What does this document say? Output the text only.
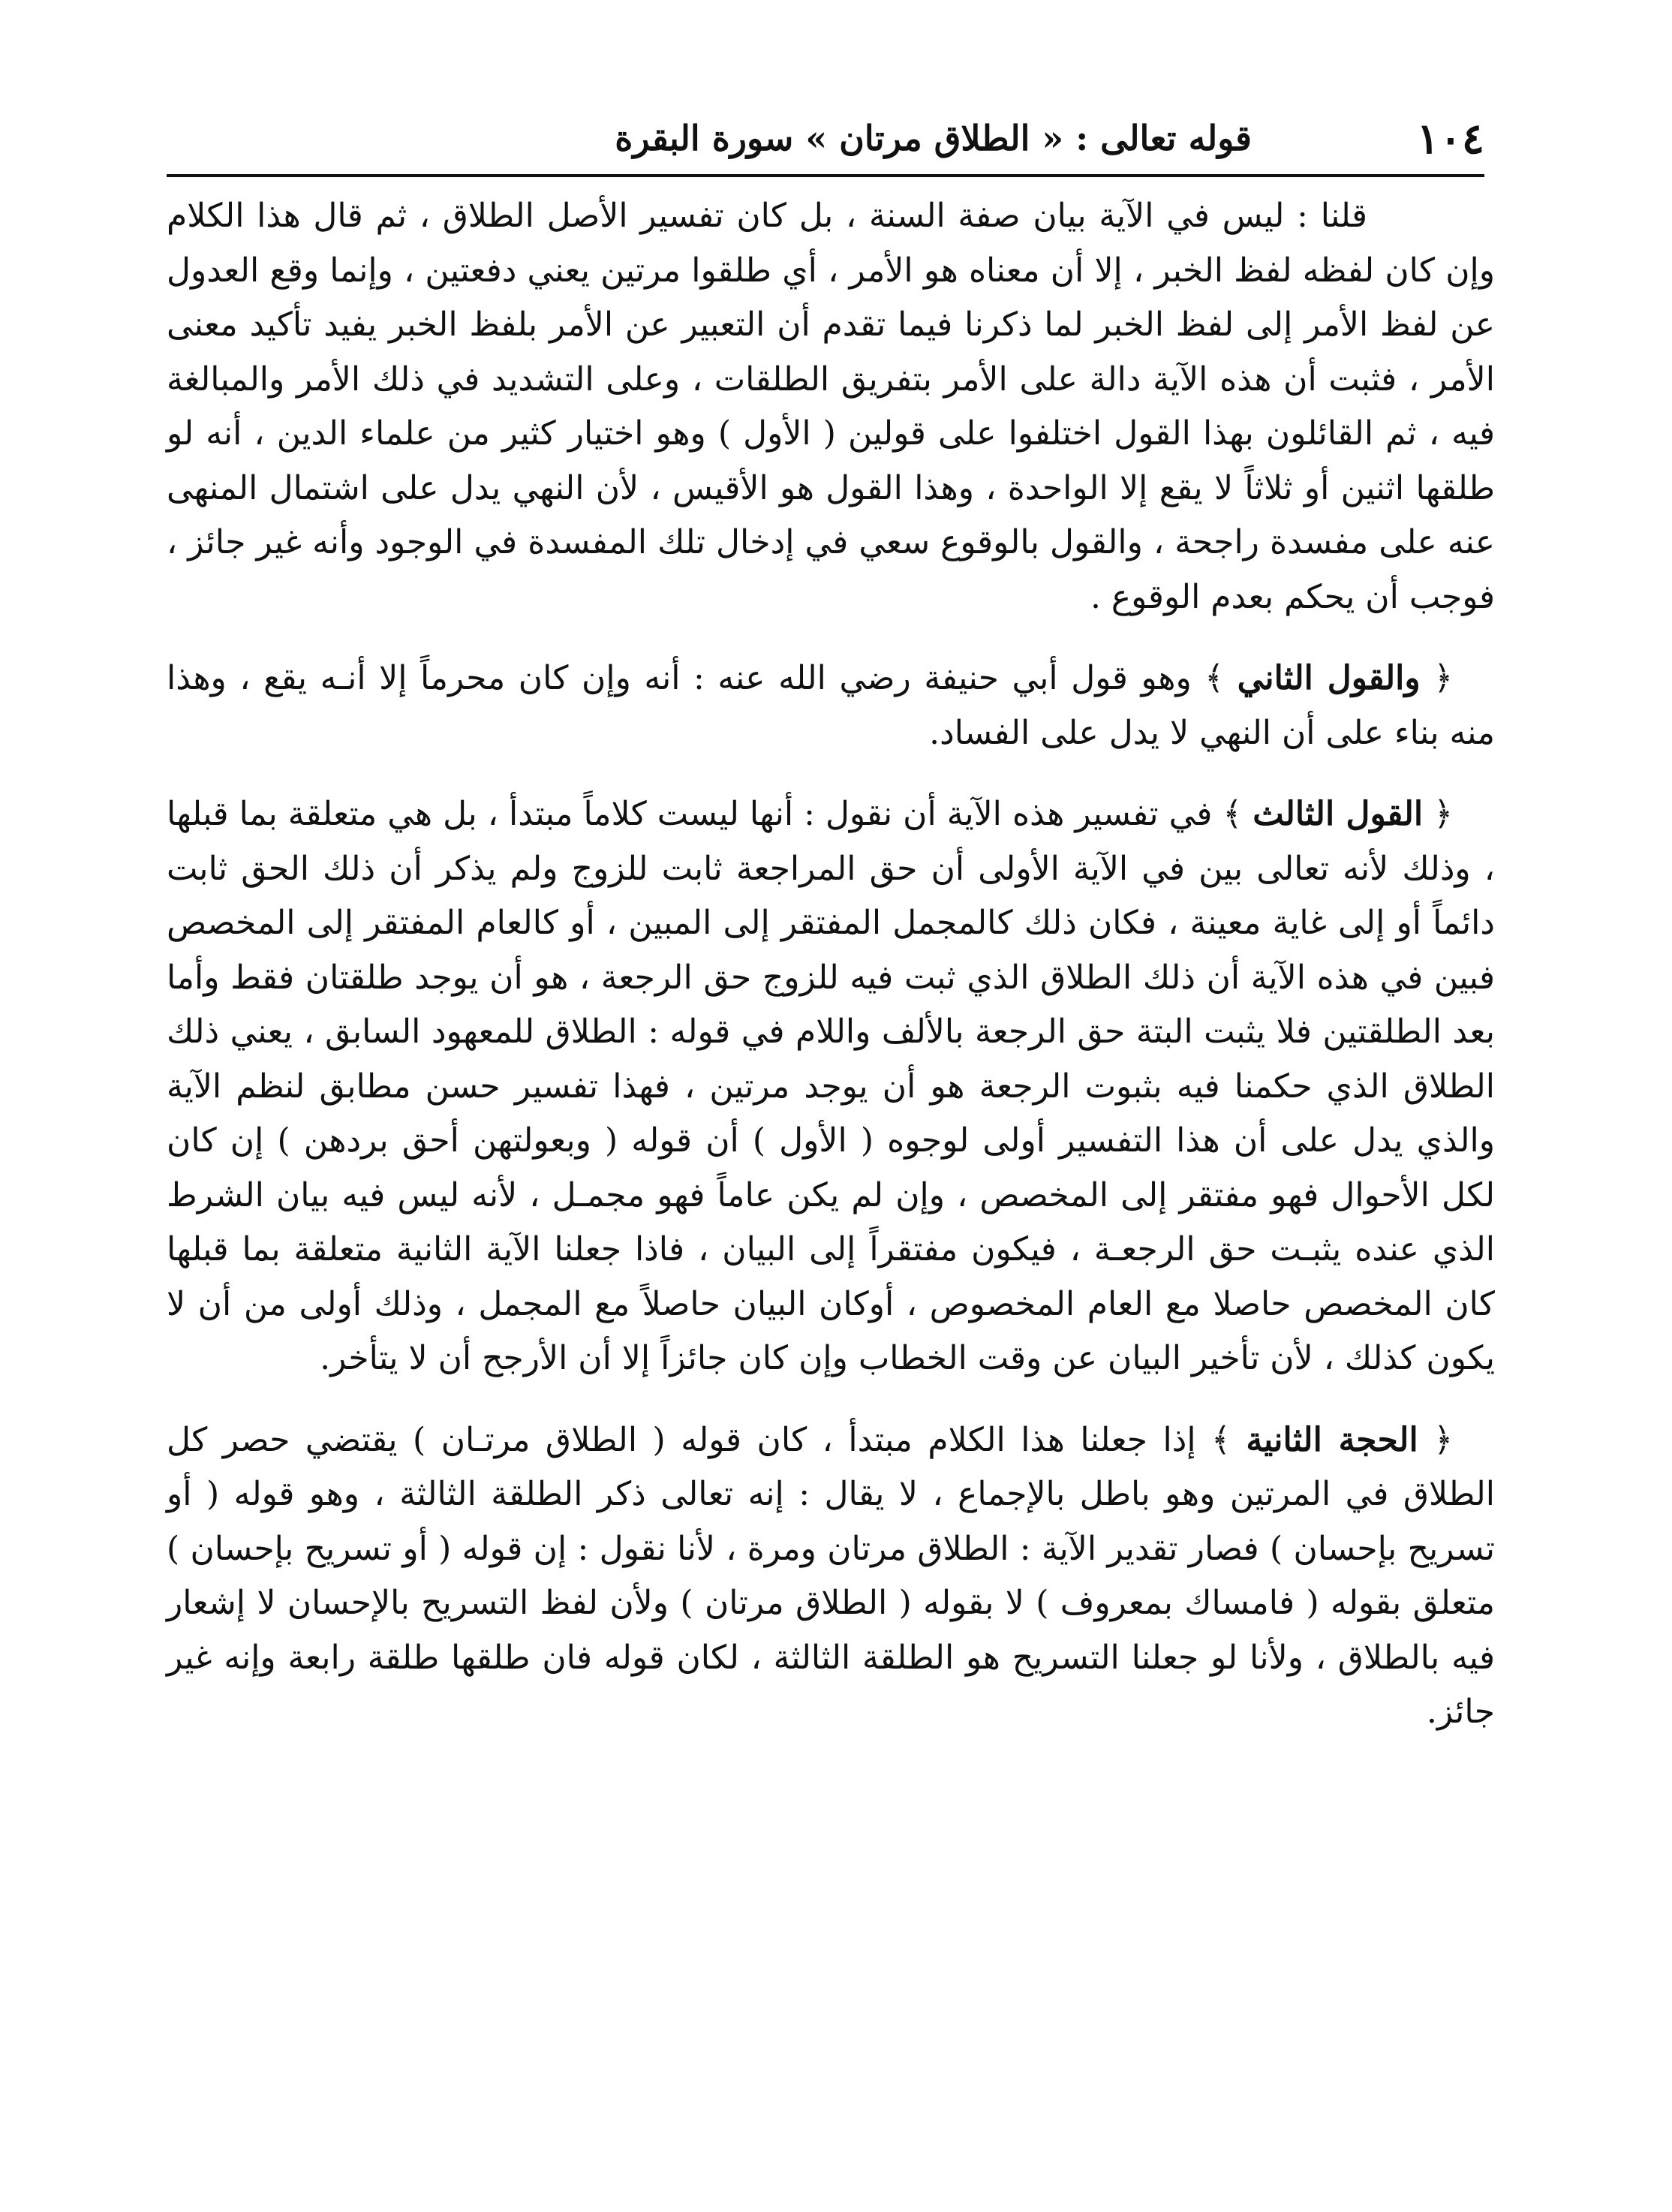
١٠٤
قوله تعالى : « الطلاق مرتان » سورة البقرة

قلنا : ليس في الآية بيان صفة السنة ، بل كان تفسير الأصل الطلاق ، ثم قال هذا الكلام وإن كان لفظه لفظ الخبر ، إلا أن معناه هو الأمر ، أي طلقوا مرتين يعني دفعتين ، وإنما وقع العدول عن لفظ الأمر إلى لفظ الخبر لما ذكرنا فيما تقدم أن التعبير عن الأمر بلفظ الخبر يفيد تأكيد معنى الأمر ، فثبت أن هذه الآية دالة على الأمر بتفريق الطلقات ، وعلى التشديد في ذلك الأمر والمبالغة فيه ، ثم القائلون بهذا القول اختلفوا على قولين ( الأول ) وهو اختيار كثير من علماء الدين ، أنه لو طلقها اثنين أو ثلاثاً لا يقع إلا الواحدة ، وهذا القول هو الأقيس ، لأن النهي يدل على اشتمال المنهى عنه على مفسدة راجحة ، والقول بالوقوع سعي في إدخال تلك المفسدة في الوجود وأنه غير جائز ، فوجب أن يحكم بعدم الوقوع .

﴿ والقول الثاني ﴾ وهو قول أبي حنيفة رضي الله عنه : أنه وإن كان محرماً إلا أنـه يقع ، وهذا منه بناء على أن النهي لا يدل على الفساد.

﴿ القول الثالث ﴾ في تفسير هذه الآية أن نقول : أنها ليست كلاماً مبتدأ ، بل هي متعلقة بما قبلها ، وذلك لأنه تعالى بين في الآية الأولى أن حق المراجعة ثابت للزوج ولم يذكر أن ذلك الحق ثابت دائماً أو إلى غاية معينة ، فكان ذلك كالمجمل المفتقر إلى المبين ، أو كالعام المفتقر إلى المخصص فبين في هذه الآية أن ذلك الطلاق الذي ثبت فيه للزوج حق الرجعة ، هو أن يوجد طلقتان فقط وأما بعد الطلقتين فلا يثبت البتة حق الرجعة بالألف واللام في قوله : الطلاق للمعهود السابق ، يعني ذلك الطلاق الذي حكمنا فيه بثبوت الرجعة هو أن يوجد مرتين ، فهذا تفسير حسن مطابق لنظم الآية والذي يدل على أن هذا التفسير أولى لوجوه ( الأول ) أن قوله ( وبعولتهن أحق بردهن ) إن كان لكل الأحوال فهو مفتقر إلى المخصص ، وإن لم يكن عاماً فهو مجمـل ، لأنه ليس فيه بيان الشرط الذي عنده يثبـت حق الرجعـة ، فيكون مفتقراً إلى البيان ، فاذا جعلنا الآية الثانية متعلقة بما قبلها كان المخصص حاصلا مع العام المخصوص ، أوكان البيان حاصلاً مع المجمل ، وذلك أولى من أن لا يكون كذلك ، لأن تأخير البيان عن وقت الخطاب وإن كان جائزاً إلا أن الأرجح أن لا يتأخر.

﴿ الحجة الثانية ﴾ إذا جعلنا هذا الكلام مبتدأ ، كان قوله ( الطلاق مرتـان ) يقتضي حصر كل الطلاق في المرتين وهو باطل بالإجماع ، لا يقال : إنه تعالى ذكر الطلقة الثالثة ، وهو قوله ( أو تسريح بإحسان ) فصار تقدير الآية : الطلاق مرتان ومرة ، لأنا نقول : إن قوله ( أو تسريح بإحسان ) متعلق بقوله ( فامساك بمعروف ) لا بقوله ( الطلاق مرتان ) ولأن لفظ التسريح بالإحسان لا إشعار فيه بالطلاق ، ولأنا لو جعلنا التسريح هو الطلقة الثالثة ، لكان قوله فان طلقها طلقة رابعة وإنه غير جائز.
